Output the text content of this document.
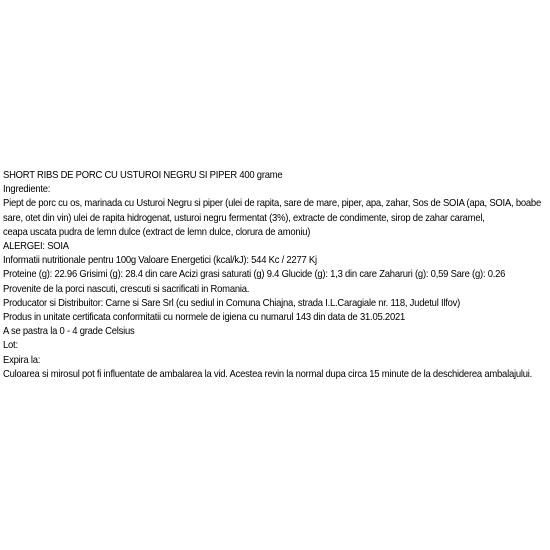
SHORT RIBS DE PORC CU USTUROI NEGRU SI PIPER 400 grame
Ingrediente:
Piept de porc cu os, marinada cu Usturoi Negru si piper (ulei de rapita, sare de mare, piper, apa, zahar, Sos de SOIA (apa, SOIA, boabe
sare, otet din vin) ulei de rapita hidrogenat, usturoi negru fermentat (3%), extracte de condimente, sirop de zahar caramel,
ceapa uscata pudra de lemn dulce (extract de lemn dulce, clorura de amoniu)
ALERGEI: SOIA
Informatii nutritionale pentru 100g Valoare Energetici (kcal/kJ): 544 Kc / 2277 Kj
Proteine (g): 22.96 Grisimi (g): 28.4 din care Acizi grasi saturati (g) 9.4 Glucide (g): 1,3 din care Zaharuri (g): 0,59 Sare (g): 0.26
Provenite de la porci nascuti, crescuti si sacrificati in Romania.
Producator si Distribuitor: Carne si Sare Srl (cu sediul in Comuna Chiajna, strada I.L.Caragiale nr. 118, Judetul Ilfov)
Produs in unitate certificata conformitatii cu normele de igiena cu numarul 143 din data de 31.05.2021
A se pastra la 0 - 4 grade Celsius
Lot:
Expira la:
Culoarea si mirosul pot fi influentate de ambalarea la vid. Acestea revin la normal dupa circa 15 minute de la deschiderea ambalajului.
